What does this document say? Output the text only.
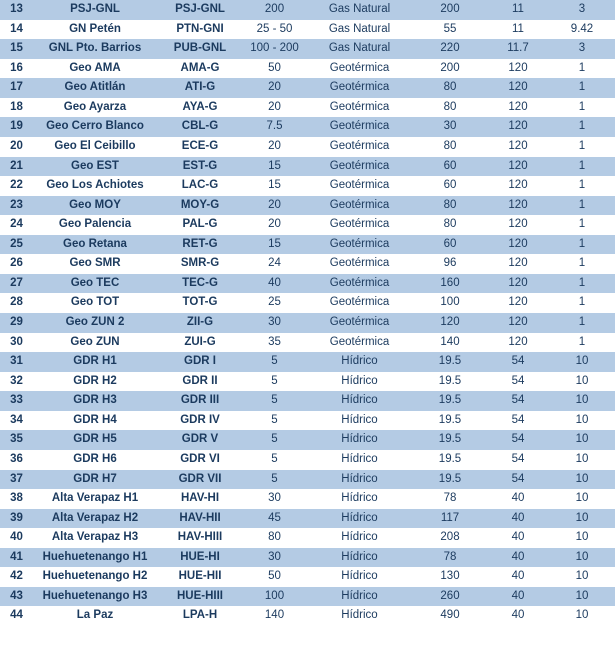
13	PSJ-GNL	PSJ-GNL	200	Gas Natural	200	11	3
14	GN Petén	PTN-GNI	25 - 50	Gas Natural	55	11	9.42
15	GNL Pto. Barrios	PUB-GNL	100 - 200	Gas Natural	220	11.7	3
16	Geo AMA	AMA-G	50	Geotérmica	200	120	1
17	Geo Atitlán	ATI-G	20	Geotérmica	80	120	1
18	Geo Ayarza	AYA-G	20	Geotérmica	80	120	1
19	Geo Cerro Blanco	CBL-G	7.5	Geotérmica	30	120	1
20	Geo El Ceibillo	ECE-G	20	Geotérmica	80	120	1
21	Geo EST	EST-G	15	Geotérmica	60	120	1
22	Geo Los Achiotes	LAC-G	15	Geotérmica	60	120	1
23	Geo MOY	MOY-G	20	Geotérmica	80	120	1
24	Geo Palencia	PAL-G	20	Geotérmica	80	120	1
25	Geo Retana	RET-G	15	Geotérmica	60	120	1
26	Geo SMR	SMR-G	24	Geotérmica	96	120	1
27	Geo TEC	TEC-G	40	Geotérmica	160	120	1
28	Geo TOT	TOT-G	25	Geotérmica	100	120	1
29	Geo ZUN 2	ZII-G	30	Geotérmica	120	120	1
30	Geo ZUN	ZUI-G	35	Geotérmica	140	120	1
31	GDR H1	GDR I	5	Hídrico	19.5	54	10
32	GDR H2	GDR II	5	Hídrico	19.5	54	10
33	GDR H3	GDR III	5	Hídrico	19.5	54	10
34	GDR H4	GDR IV	5	Hídrico	19.5	54	10
35	GDR H5	GDR V	5	Hídrico	19.5	54	10
36	GDR H6	GDR VI	5	Hídrico	19.5	54	10
37	GDR H7	GDR VII	5	Hídrico	19.5	54	10
38	Alta Verapaz H1	HAV-HI	30	Hídrico	78	40	10
39	Alta Verapaz H2	HAV-HII	45	Hídrico	117	40	10
40	Alta Verapaz H3	HAV-HIII	80	Hídrico	208	40	10
41	Huehuetenango H1	HUE-HI	30	Hídrico	78	40	10
42	Huehuetenango H2	HUE-HII	50	Hídrico	130	40	10
43	Huehuetenango H3	HUE-HIII	100	Hídrico	260	40	10
44	La Paz	LPA-H	140	Hídrico	490	40	10
